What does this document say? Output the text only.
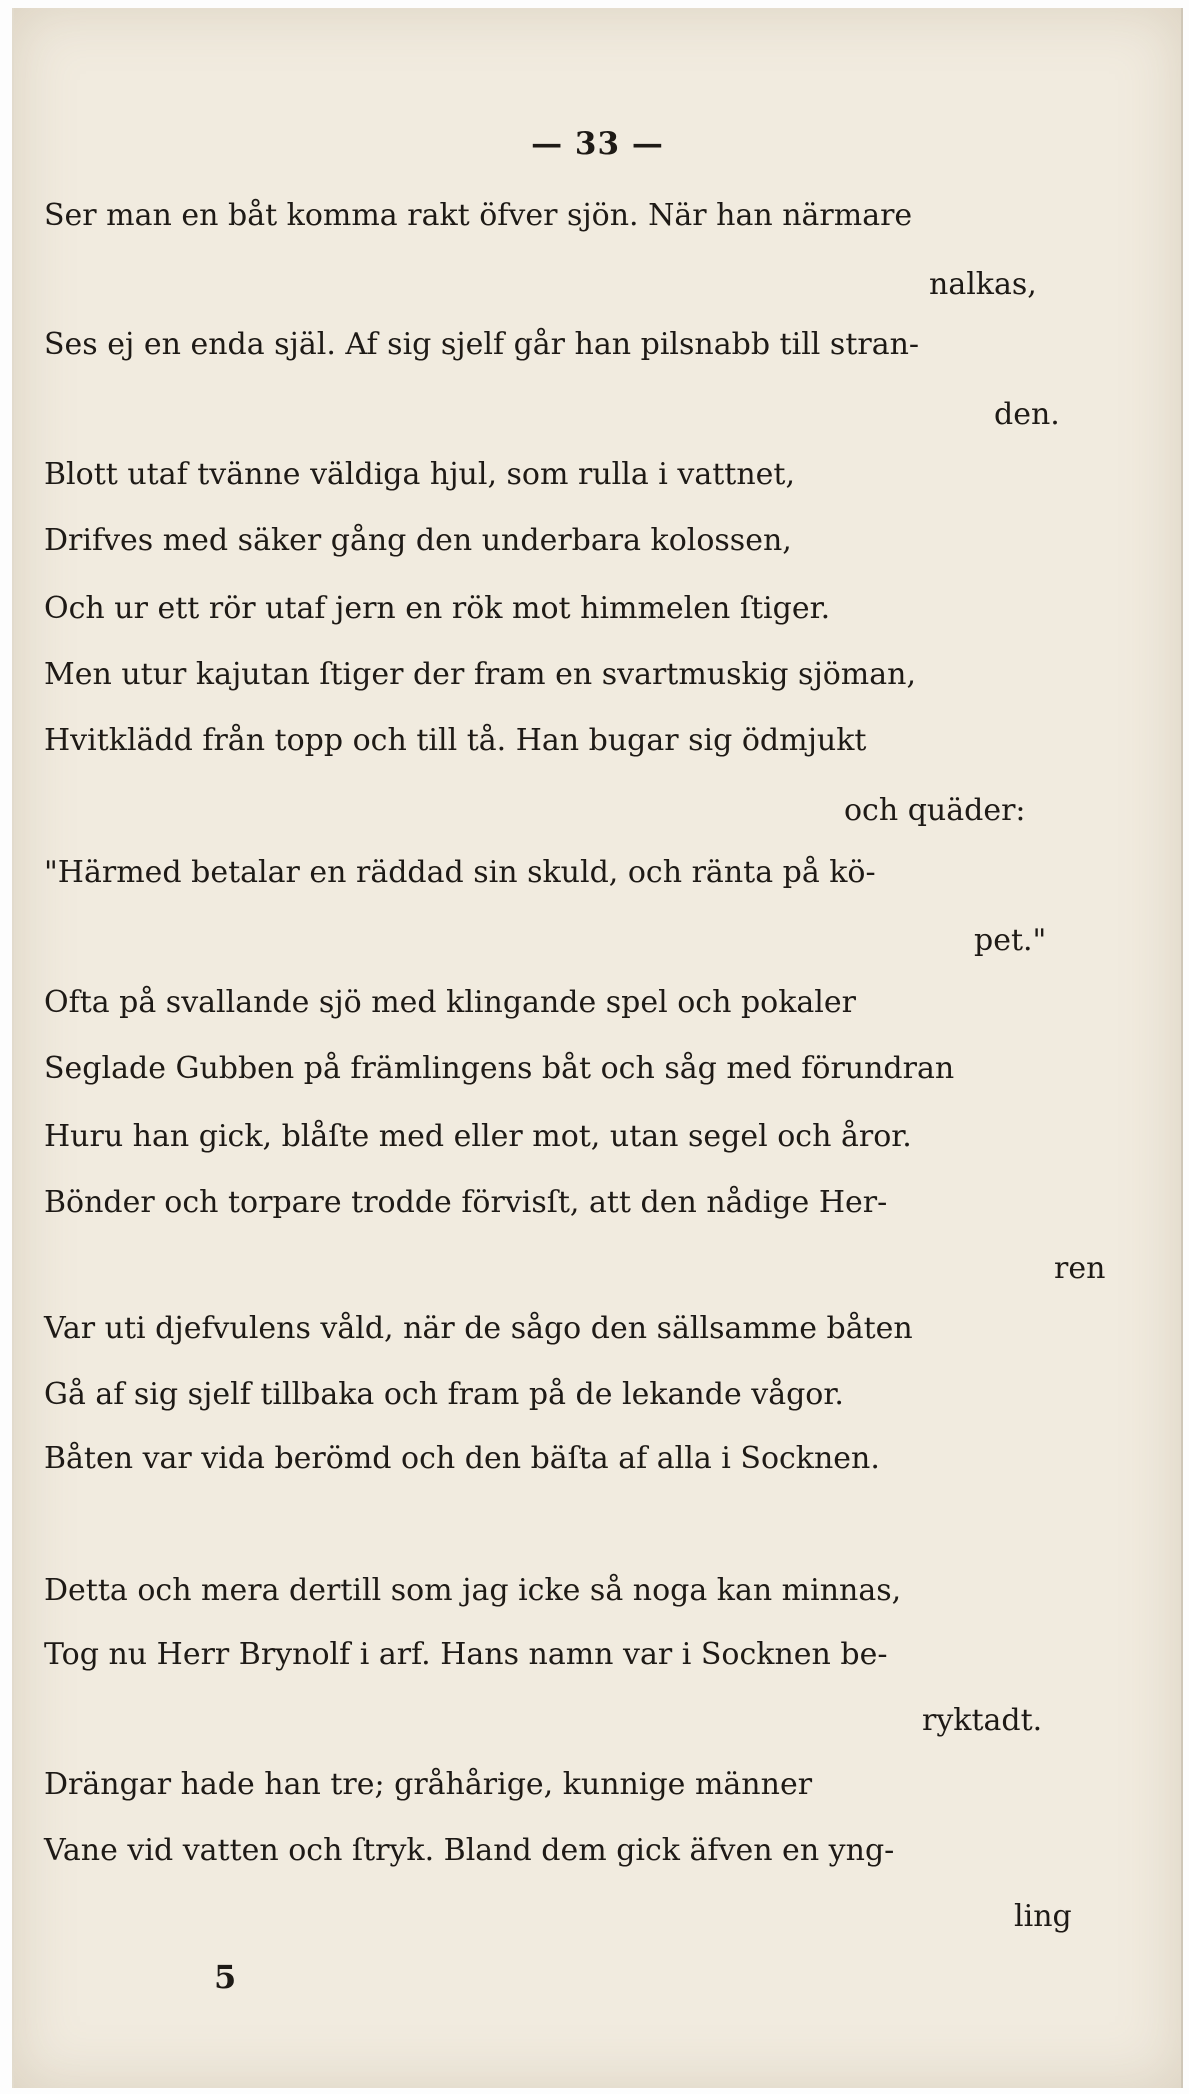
— 33 —
Ser man en båt komma rakt öfver sjön. När han närmare
nalkas,
Ses ej en enda själ. Af sig sjelf går han pilsnabb till stran-
den.
Blott utaf tvänne väldiga hjul, som rulla i vattnet,
Drifves med säker gång den underbara kolossen,
Och ur ett rör utaf jern en rök mot himmelen ſtiger.
Men utur kajutan ſtiger der fram en svartmuskig sjöman,
Hvitklädd från topp och till tå. Han bugar sig ödmjukt
och quäder:
"Härmed betalar en räddad sin skuld, och ränta på kö-
pet."
Ofta på svallande sjö med klingande spel och pokaler
Seglade Gubben på främlingens båt och såg med förundran
Huru han gick, blåſte med eller mot, utan segel och åror.
Bönder och torpare trodde förvisſt, att den nådige Her-
ren
Var uti djefvulens våld, när de sågo den sällsamme båten
Gå af sig sjelf tillbaka och fram på de lekande vågor.
Båten var vida berömd och den bäſta af alla i Socknen.
Detta och mera dertill som jag icke så noga kan minnas,
Tog nu Herr Brynolf i arf. Hans namn var i Socknen be-
ryktadt.
Drängar hade han tre; gråhårige, kunnige männer
Vane vid vatten och ſtryk. Bland dem gick äfven en yng-
ling
5
